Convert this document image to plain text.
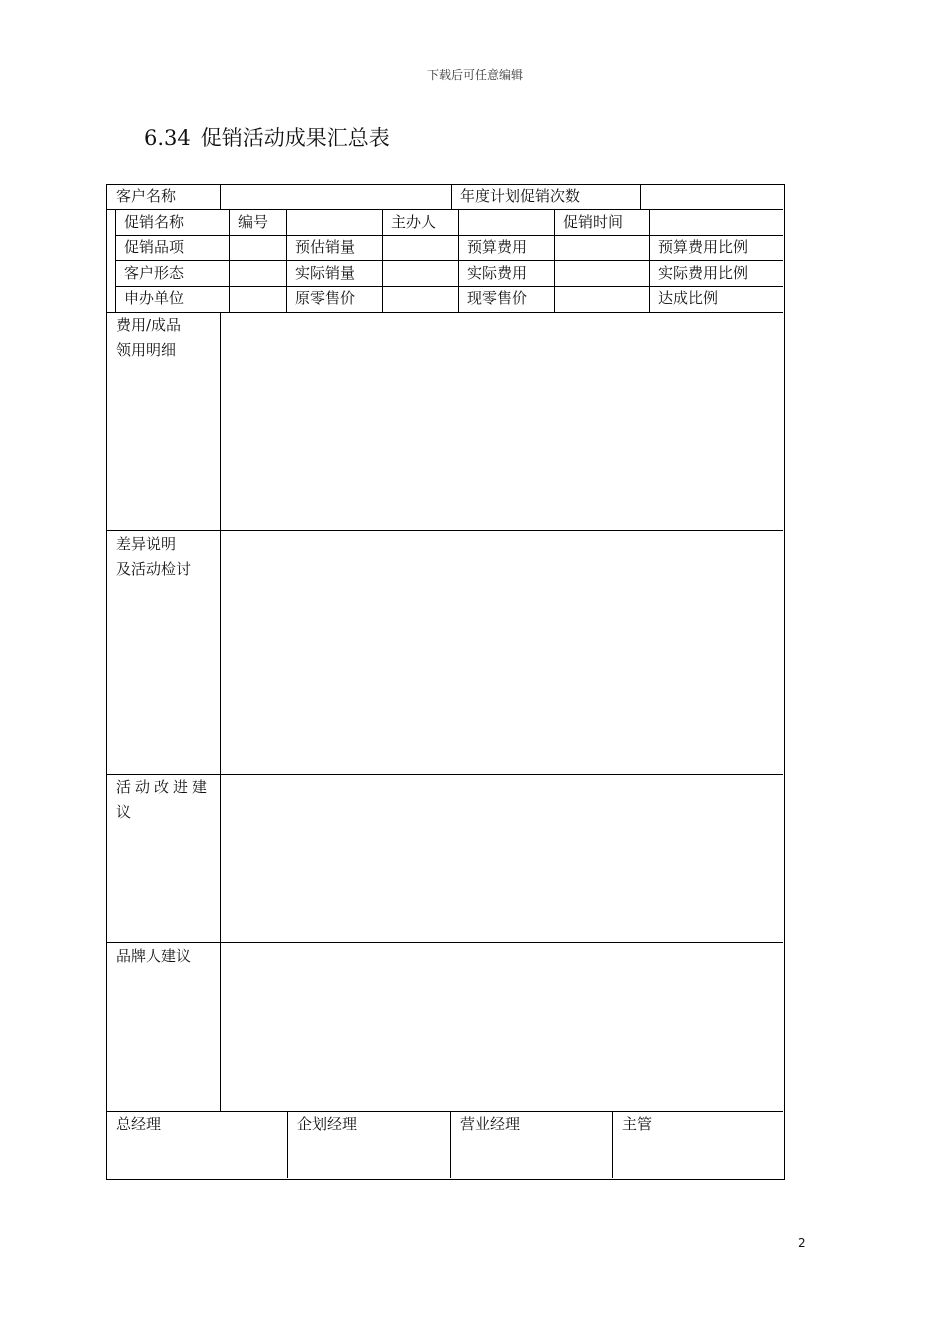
下载后可任意编辑
6.34 促销活动成果汇总表
客户名称	年度计划促销次数
促销名称	编号	主办人	促销时间
促销品项	预估销量	预算费用	预算费用比例
客户形态	实际销量	实际费用	实际费用比例
申办单位	原零售价	现零售价	达成比例
费用/成品
领用明细
差异说明
及活动检讨
活动改进建
议
品牌人建议
总经理	企划经理	营业经理	主管
2
